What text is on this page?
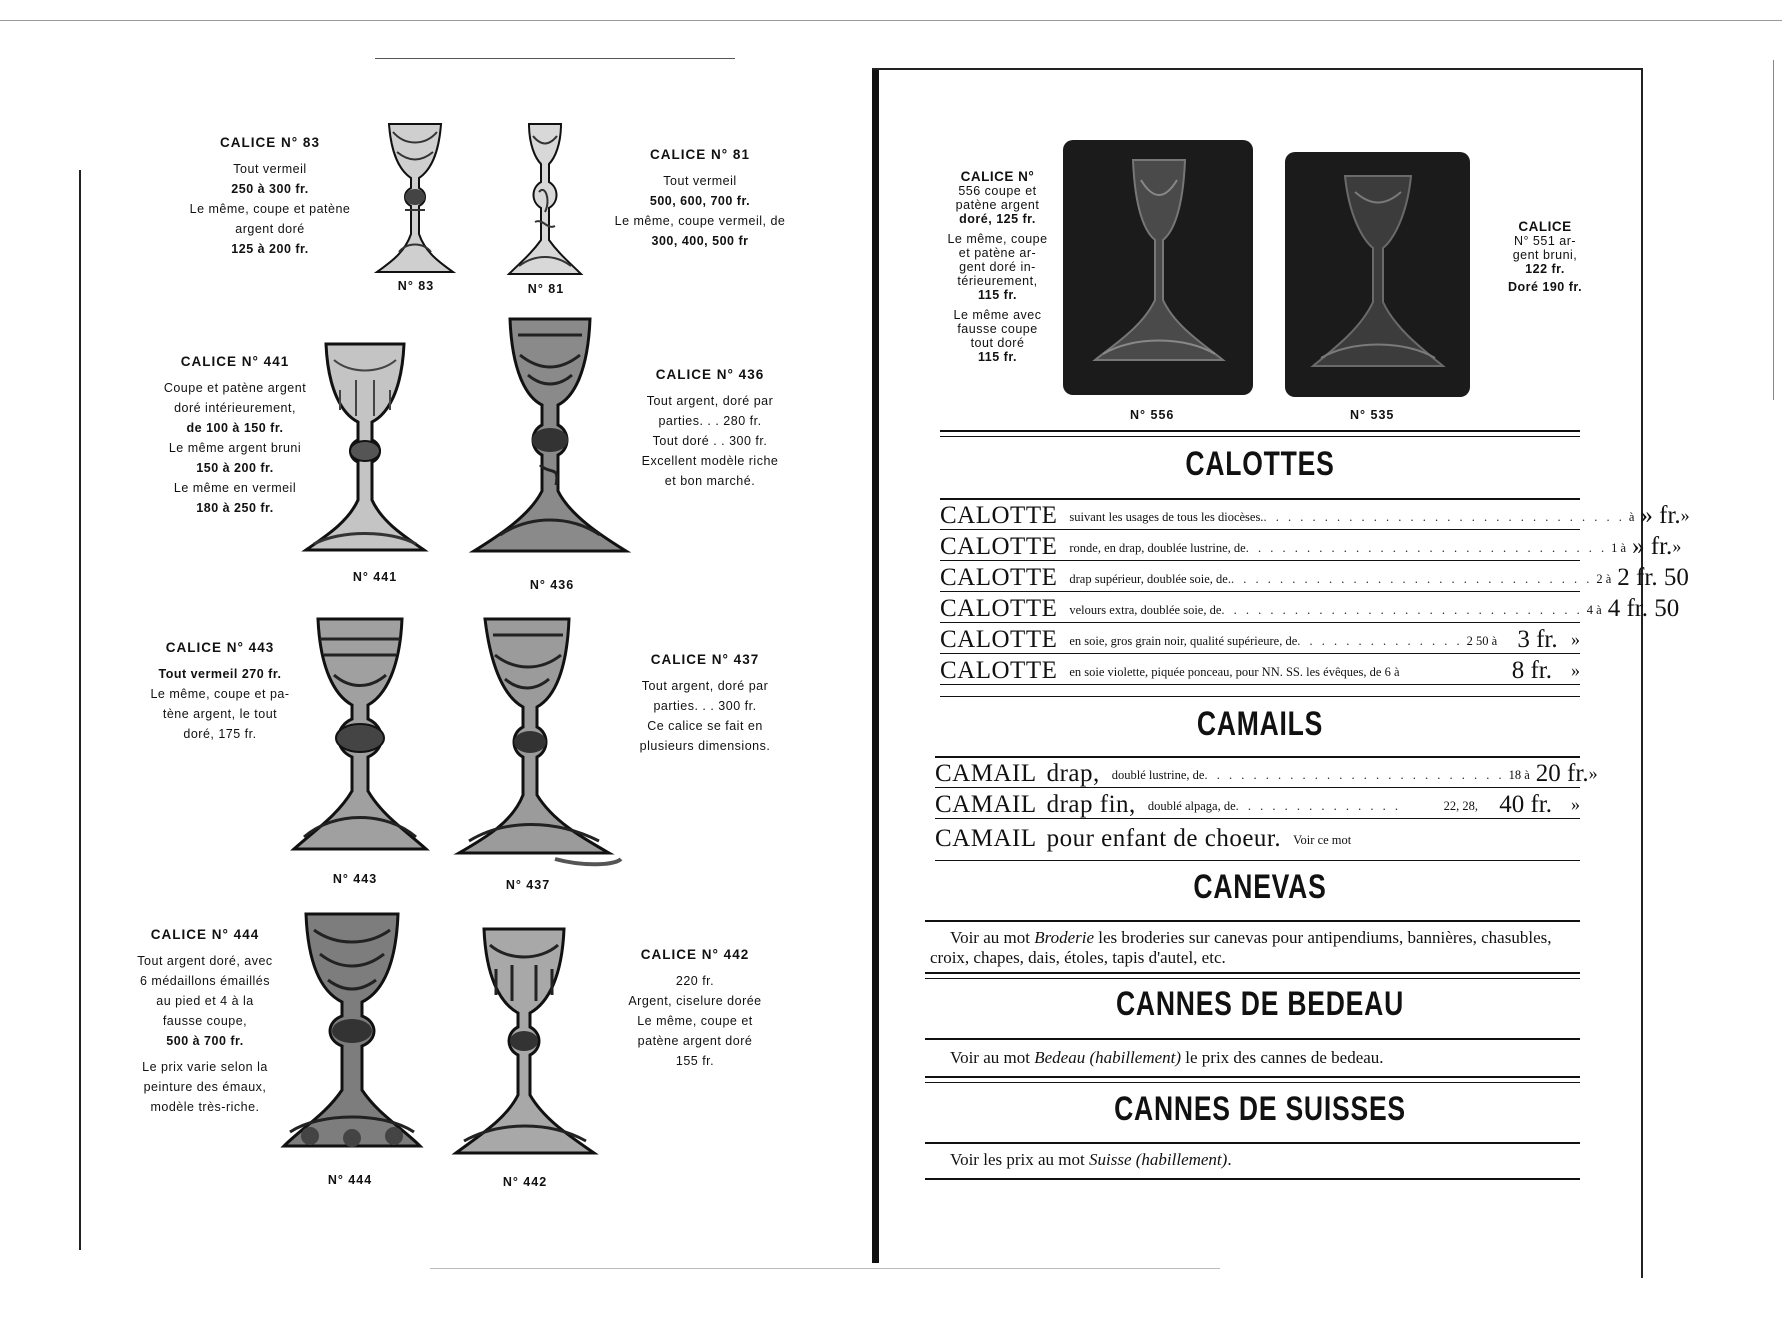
CALICE N° 83
Tout vermeil
250 à 300 fr.
Le même, coupe et patène
argent doré
125 à 200 fr.
N° 83	N° 81
CALICE N° 81
Tout vermeil
500, 600, 700 fr.
Le même, coupe vermeil, de
300, 400, 500 fr
CALICE N° 441
Coupe et patène argent
doré intérieurement,
de 100 à 150 fr.
Le même argent bruni
150 à 200 fr.
Le même en vermeil
180 à 250 fr.
N° 441
N° 436
CALICE N° 436
Tout argent, doré par
parties. . . 280 fr.
Tout doré . . 300 fr.
Excellent modèle riche
et bon marché.
CALICE N° 443
Tout vermeil 270 fr.
Le même, coupe et pa-
tène argent, le tout
doré, 175 fr.
N° 443	N° 437
CALICE N° 437
Tout argent, doré par
parties. . . 300 fr.
Ce calice se fait en
plusieurs dimensions.
CALICE N° 444
Tout argent doré, avec
6 médaillons émaillés
au pied et 4 à la
fausse coupe,
500 à 700 fr.
Le prix varie selon la
peinture des émaux,
modèle très-riche.
N° 444	N° 442
CALICE N° 442
220 fr.
Argent, ciselure dorée
Le même, coupe et
patène argent doré
155 fr.
CALICE N°
556 coupe et
patène argent
doré, 125 fr.
Le même, coupe
et patène ar-
gent doré in-
térieurement,
115 fr.
Le même avec
fausse coupe
tout doré
115 fr.
N° 556	N° 535
CALICE
N° 551 ar-
gent bruni,
122 fr.
Doré 190 fr.
CALOTTES
CALOTTE suivant les usages de tous les diocèses. . . . . . . . . . . . . . . . . . . . . . . . . . . . . . . à » fr. »
CALOTTE ronde, en drap, doublée lustrine, de . . . . . . . . . . . . . . . . . . . . . . . . . . . . . . 1 à » fr. »
CALOTTE drap supérieur, doublée soie, de. . . . . . . . . . . . . . . . . . . . . . . . . . . . . . . 2 à 2 fr. 50
CALOTTE velours extra, doublée soie, de . . . . . . . . . . . . . . . . . . . . . . . . . . . . . . 4 à 4 fr. 50
CALOTTE en soie, gros grain noir, qualité supérieure, de . . . . . . . . . . . . . . 2 50 à 3 fr. »
CALOTTE en soie violette, piquée ponceau, pour NN. SS. les évêques, de 6 à	8 fr.	»
CAMAILS
CAMAIL drap, doublé lustrine, de . . . . . . . . . . . . . . . . . . . . . . . . . 18 à 20 fr. »
CAMAIL drap fin, doublé alpaga, de . . . . . . . . . . . . . .	22, 28, 40 fr.	»
CAMAIL pour enfant de choeur. Voir ce mot
CANEVAS
Voir au mot Broderie les broderies sur canevas pour antipendiums, bannières, chasubles, croix, chapes, dais, étoles, tapis d'autel, etc.
CANNES DE BEDEAU
Voir au mot Bedeau (habillement) le prix des cannes de bedeau.
CANNES DE SUISSES
Voir les prix au mot Suisse (habillement).
